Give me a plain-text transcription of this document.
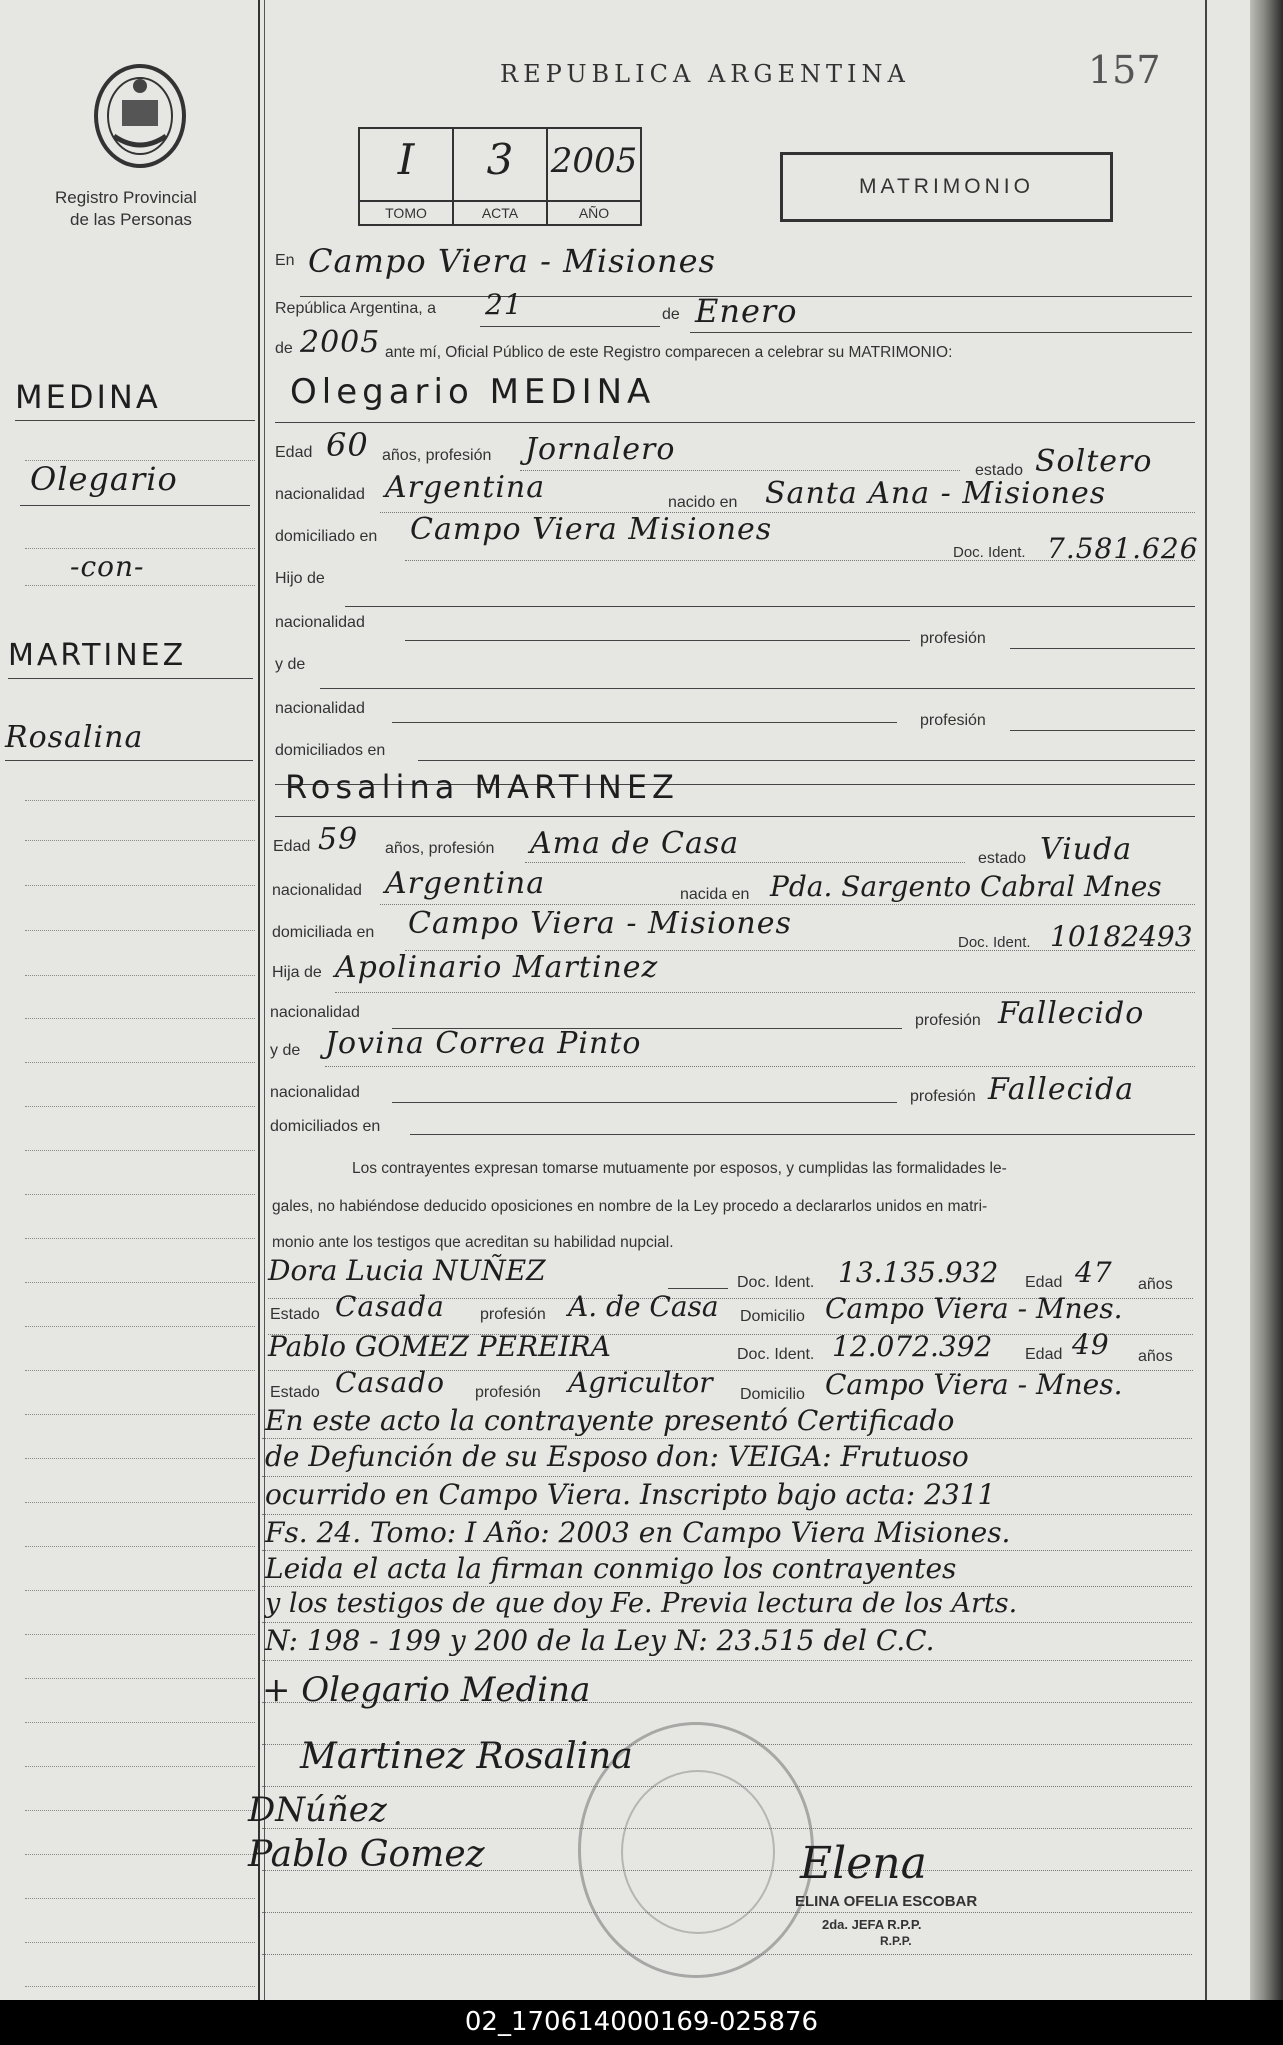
Registro Provincial
de las Personas
REPUBLICA ARGENTINA	157
I
TOMO
3
ACTA
2005
AÑO
MATRIMONIO
MEDINA
Olegario
-con-
MARTINEZ
Rosalina
En Campo Viera - Misiones
República Argentina, a 21	de Enero
de 2005 ante mí, Oficial Público de este Registro comparecen a celebrar su MATRIMONIO:
Olegario MEDINA
Edad 60 años, profesión Jornalero
estado Soltero
nacionalidad Argentina	nacido en Santa Ana - Misiones
domiciliado en Campo Viera Misiones
Doc. Ident. 7.581.626
Hijo de
nacionalidad
profesión
y de
nacionalidad
profesión
domiciliados en
Rosalina MARTINEZ
Edad 59 años, profesión Ama de Casa	estado Viuda
nacionalidad Argentina	nacida en Pda. Sargento Cabral Mnes
domiciliada en Campo Viera - Misiones
Doc. Ident. 10182493
Hija de Apolinario Martinez
nacionalidad	profesión Fallecido
y de Jovina Correa Pinto
nacionalidad	profesión Fallecida
domiciliados en
Los contrayentes expresan tomarse mutuamente por esposos, y cumplidas las formalidades le-
gales, no habiéndose deducido oposiciones en nombre de la Ley procedo a declararlos unidos en matri-
monio ante los testigos que acreditan su habilidad nupcial.
Dora Lucia NUÑEZ	Doc. Ident. 13.135.932 Edad 47 años
Estado Casada profesión A. de Casa Domicilio Campo Viera - Mnes.
Pablo GOMEZ PEREIRA	Doc. Ident. 12.072.392 Edad 49 años
Estado Casado profesión Agricultor Domicilio Campo Viera - Mnes.
En este acto la contrayente presentó Certificado
de Defunción de su Esposo don: VEIGA: Frutuoso
ocurrido en Campo Viera. Inscripto bajo acta: 2311
Fs. 24. Tomo: I Año: 2003 en Campo Viera Misiones.
Leida el acta la firman conmigo los contrayentes
y los testigos de que doy Fe. Previa lectura de los Arts.
N: 198 - 199 y 200 de la Ley N: 23.515 del C.C.
+ Olegario Medina
Martinez Rosalina
DNúñez
Pablo Gomez	Elena
ELINA OFELIA ESCOBAR
2da. JEFA R.P.P.
R.P.P.
02_170614000169-025876
